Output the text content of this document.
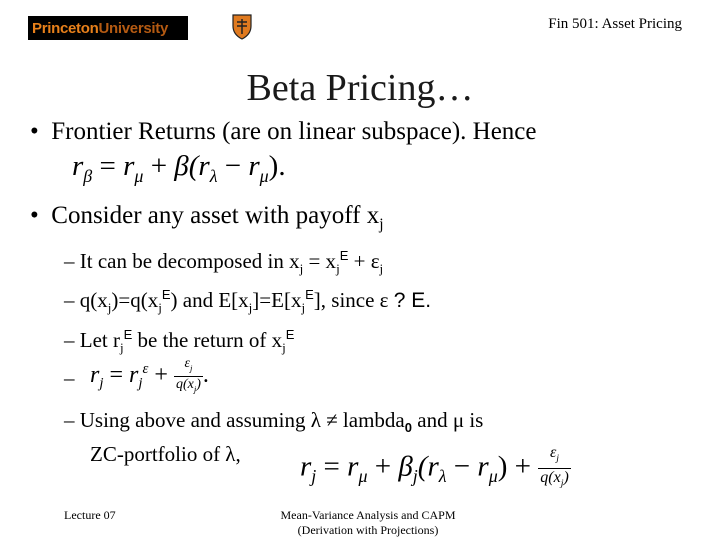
Princeton University	Fin 501: Asset Pricing
Beta Pricing…
•  Frontier Returns (are on linear subspace). Hence
$r_\beta = r_\mu + \beta(r_\lambda - r_\mu)$.
•  Consider any asset with payoff $x_j$
– It can be decomposed in $x_j = x_j^E + \varepsilon_j$
– $q(x_j)=q(x_j^E)$ and $E[x_j]=E[x_j^E]$, since ε ? E.
– Let $r_j^E$ be the return of $x_j^E$
– $r_j = r_j^\varepsilon + \frac{\varepsilon_j}{q(x_j)}$ .
– Using above and assuming λ ≠ lambda$_0$ and μ is
ZC-portfolio of λ, $r_j = r_\mu + \beta_j(r_\lambda - r_\mu) + \frac{\varepsilon_j}{q(x_j)}$
Lecture 07	Mean-Variance Analysis and CAPM
(Derivation with Projections)
